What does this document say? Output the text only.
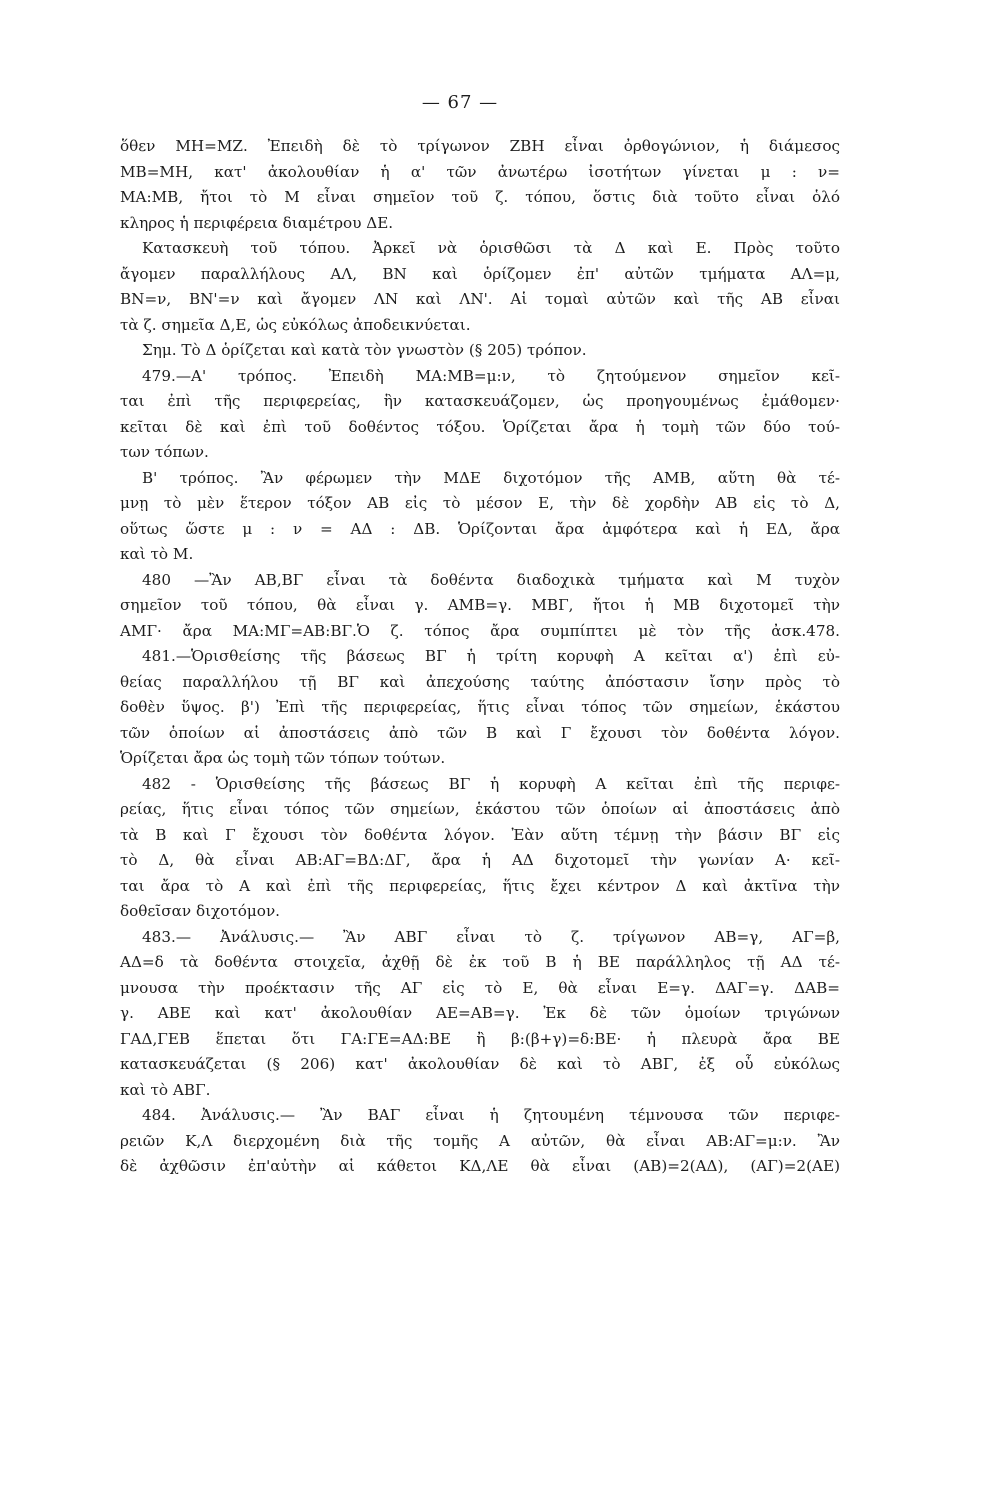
— 67 —
ὅθεν ΜΗ=ΜΖ. Ἐπειδὴ δὲ τὸ τρίγωνον ΖΒΗ εἶναι ὀρθογώνιον, ἡ διάμεσος
ΜΒ=ΜΗ, κατ' ἀκολουθίαν ἡ α' τῶν ἀνωτέρω ἰσοτήτων γίνεται μ : ν=
ΜΑ:ΜΒ, ἤτοι τὸ Μ εἶναι σημεῖον τοῦ ζ. τόπου, ὅστις διὰ τοῦτο εἶναι ὁλό
κληρος ἡ περιφέρεια διαμέτρου ΔΕ.
Κατασκευὴ τοῦ τόπου. Ἀρκεῖ νὰ ὁρισθῶσι τὰ Δ καὶ Ε. Πρὸς τοῦτο
ἄγομεν παραλλήλους ΑΛ, ΒΝ καὶ ὁρίζομεν ἐπ' αὐτῶν τμήματα ΑΛ=μ,
ΒΝ=ν, ΒΝ'=ν καὶ ἄγομεν ΛΝ καὶ ΛΝ'. Αἱ τομαὶ αὐτῶν καὶ τῆς ΑΒ εἶναι
τὰ ζ. σημεῖα Δ,Ε, ὡς εὐκόλως ἀποδεικνύεται.
Σημ. Τὸ Δ ὁρίζεται καὶ κατὰ τὸν γνωστὸν (§ 205) τρόπον.
479.—Α' τρόπος. Ἐπειδὴ ΜΑ:ΜΒ=μ:ν, τὸ ζητούμενον σημεῖον κεῖ-
ται ἐπὶ τῆς περιφερείας, ἣν κατασκευάζομεν, ὡς προηγουμένως ἐμάθομεν·
κεῖται δὲ καὶ ἐπὶ τοῦ δοθέντος τόξου. Ὁρίζεται ἄρα ἡ τομὴ τῶν δύο τού-
των τόπων.
Β' τρόπος. Ἂν φέρωμεν τὴν ΜΔΕ διχοτόμον τῆς ΑΜΒ, αὕτη θὰ τέ-
μνῃ τὸ μὲν ἕτερον τόξον ΑΒ εἰς τὸ μέσον Ε, τὴν δὲ χορδὴν ΑΒ εἰς τὸ Δ,
οὕτως ὥστε μ : ν = ΑΔ : ΔΒ. Ὁρίζονται ἄρα ἀμφότερα καὶ ἡ ΕΔ, ἄρα
καὶ τὸ Μ.
480 —Ἂν ΑΒ,ΒΓ εἶναι τὰ δοθέντα διαδοχικὰ τμήματα καὶ Μ τυχὸν
σημεῖον τοῦ τόπου, θὰ εἶναι γ. ΑΜΒ=γ. ΜΒΓ, ἤτοι ἡ ΜΒ διχοτομεῖ τὴν
ΑΜΓ· ἄρα ΜΑ:ΜΓ=ΑΒ:ΒΓ.Ὁ ζ. τόπος ἄρα συμπίπτει μὲ τὸν τῆς ἀσκ.478.
481.—Ὁρισθείσης τῆς βάσεως ΒΓ ἡ τρίτη κορυφὴ Α κεῖται α') ἐπὶ εὐ-
θείας παραλλήλου τῇ ΒΓ καὶ ἀπεχούσης ταύτης ἀπόστασιν ἴσην πρὸς τὸ
δοθὲν ὕψος. β') Ἐπὶ τῆς περιφερείας, ἥτις εἶναι τόπος τῶν σημείων, ἑκάστου
τῶν ὁποίων αἱ ἀποστάσεις ἀπὸ τῶν Β καὶ Γ ἔχουσι τὸν δοθέντα λόγον.
Ὁρίζεται ἄρα ὡς τομὴ τῶν τόπων τούτων.
482 - Ὁρισθείσης τῆς βάσεως ΒΓ ἡ κορυφὴ Α κεῖται ἐπὶ τῆς περιφε-
ρείας, ἥτις εἶναι τόπος τῶν σημείων, ἑκάστου τῶν ὁποίων αἱ ἀποστάσεις ἀπὸ
τὰ Β καὶ Γ ἔχουσι τὸν δοθέντα λόγον. Ἐὰν αὕτη τέμνῃ τὴν βάσιν ΒΓ εἰς
τὸ Δ, θὰ εἶναι ΑΒ:ΑΓ=ΒΔ:ΔΓ, ἄρα ἡ ΑΔ διχοτομεῖ τὴν γωνίαν Α· κεῖ-
ται ἄρα τὸ Α καὶ ἐπὶ τῆς περιφερείας, ἥτις ἔχει κέντρον Δ καὶ ἀκτῖνα τὴν
δοθεῖσαν διχοτόμον.
483.— Ἀνάλυσις.— Ἂν ΑΒΓ εἶναι τὸ ζ. τρίγωνον ΑΒ=γ, ΑΓ=β,
ΑΔ=δ τὰ δοθέντα στοιχεῖα, ἀχθῇ δὲ ἐκ τοῦ Β ἡ ΒΕ παράλληλος τῇ ΑΔ τέ-
μνουσα τὴν προέκτασιν τῆς ΑΓ εἰς τὸ Ε, θὰ εἶναι Ε=γ. ΔΑΓ=γ. ΔΑΒ=
γ. ΑΒΕ καὶ κατ' ἀκολουθίαν ΑΕ=ΑΒ=γ. Ἐκ δὲ τῶν ὁμοίων τριγώνων
ΓΑΔ,ΓΕΒ ἕπεται ὅτι ΓΑ:ΓΕ=ΑΔ:ΒΕ ἢ β:(β+γ)=δ:ΒΕ· ἡ πλευρὰ ἄρα ΒΕ
κατασκευάζεται (§ 206) κατ' ἀκολουθίαν δὲ καὶ τὸ ΑΒΓ, ἐξ οὗ εὐκόλως
καὶ τὸ ΑΒΓ.
484. Ἀνάλυσις.— Ἂν ΒΑΓ εἶναι ἡ ζητουμένη τέμνουσα τῶν περιφε-
ρειῶν Κ,Λ διερχομένη διὰ τῆς τομῆς Α αὐτῶν, θὰ εἶναι ΑΒ:ΑΓ=μ:ν. Ἂν
δὲ ἀχθῶσιν ἐπ'αὐτὴν αἱ κάθετοι ΚΔ,ΛΕ θὰ εἶναι (ΑΒ)=2(ΑΔ), (ΑΓ)=2(ΑΕ)
